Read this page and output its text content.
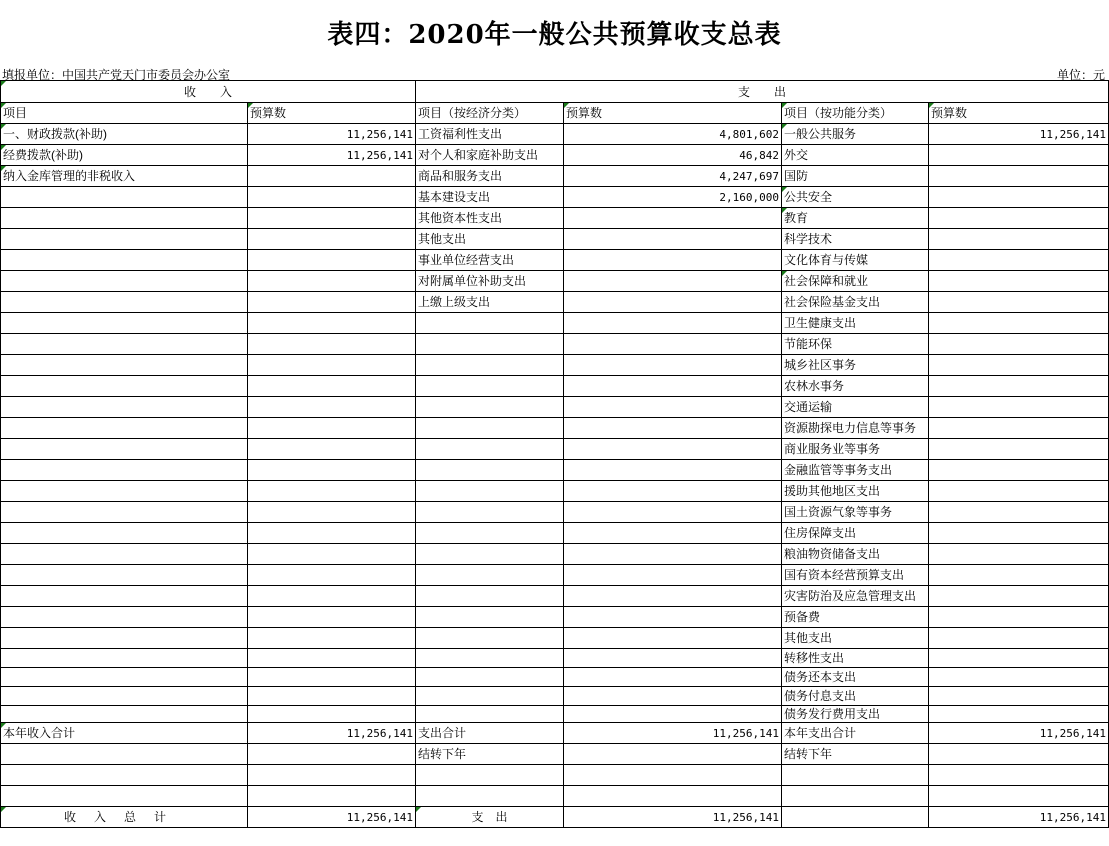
表四：2020年一般公共预算收支总表
填报单位：中国共产党天门市委员会办公室	单位：元
收　　入		支　　出			
项目	预算数	项目（按经济分类）	预算数	项目（按功能分类）	预算数
一、财政拨款(补助)	11,256,141	工资福利性支出	4,801,602	一般公共服务	11,256,141
经费拨款(补助)	11,256,141	对个人和家庭补助支出	46,842	外交	
纳入金库管理的非税收入		商品和服务支出	4,247,697	国防	
		基本建设支出	2,160,000	公共安全	
		其他资本性支出		教育	
		其他支出		科学技术	
		事业单位经营支出		文化体育与传媒	
		对附属单位补助支出		社会保障和就业	
		上缴上级支出		社会保险基金支出	
				卫生健康支出	
				节能环保	
				城乡社区事务	
				农林水事务	
				交通运输	
				资源勘探电力信息等事务	
				商业服务业等事务	
				金融监管等事务支出	
				援助其他地区支出	
				国土资源气象等事务	
				住房保障支出	
				粮油物资储备支出	
				国有资本经营预算支出	
				灾害防治及应急管理支出	
				预备费	
				其他支出	
				转移性支出	
				债务还本支出	
				债务付息支出	
				债务发行费用支出	
本年收入合计	11,256,141	支出合计	11,256,141	本年支出合计	11,256,141
		结转下年		结转下年	

收入总计	11,256,141	支　出	11,256,141		11,256,141
